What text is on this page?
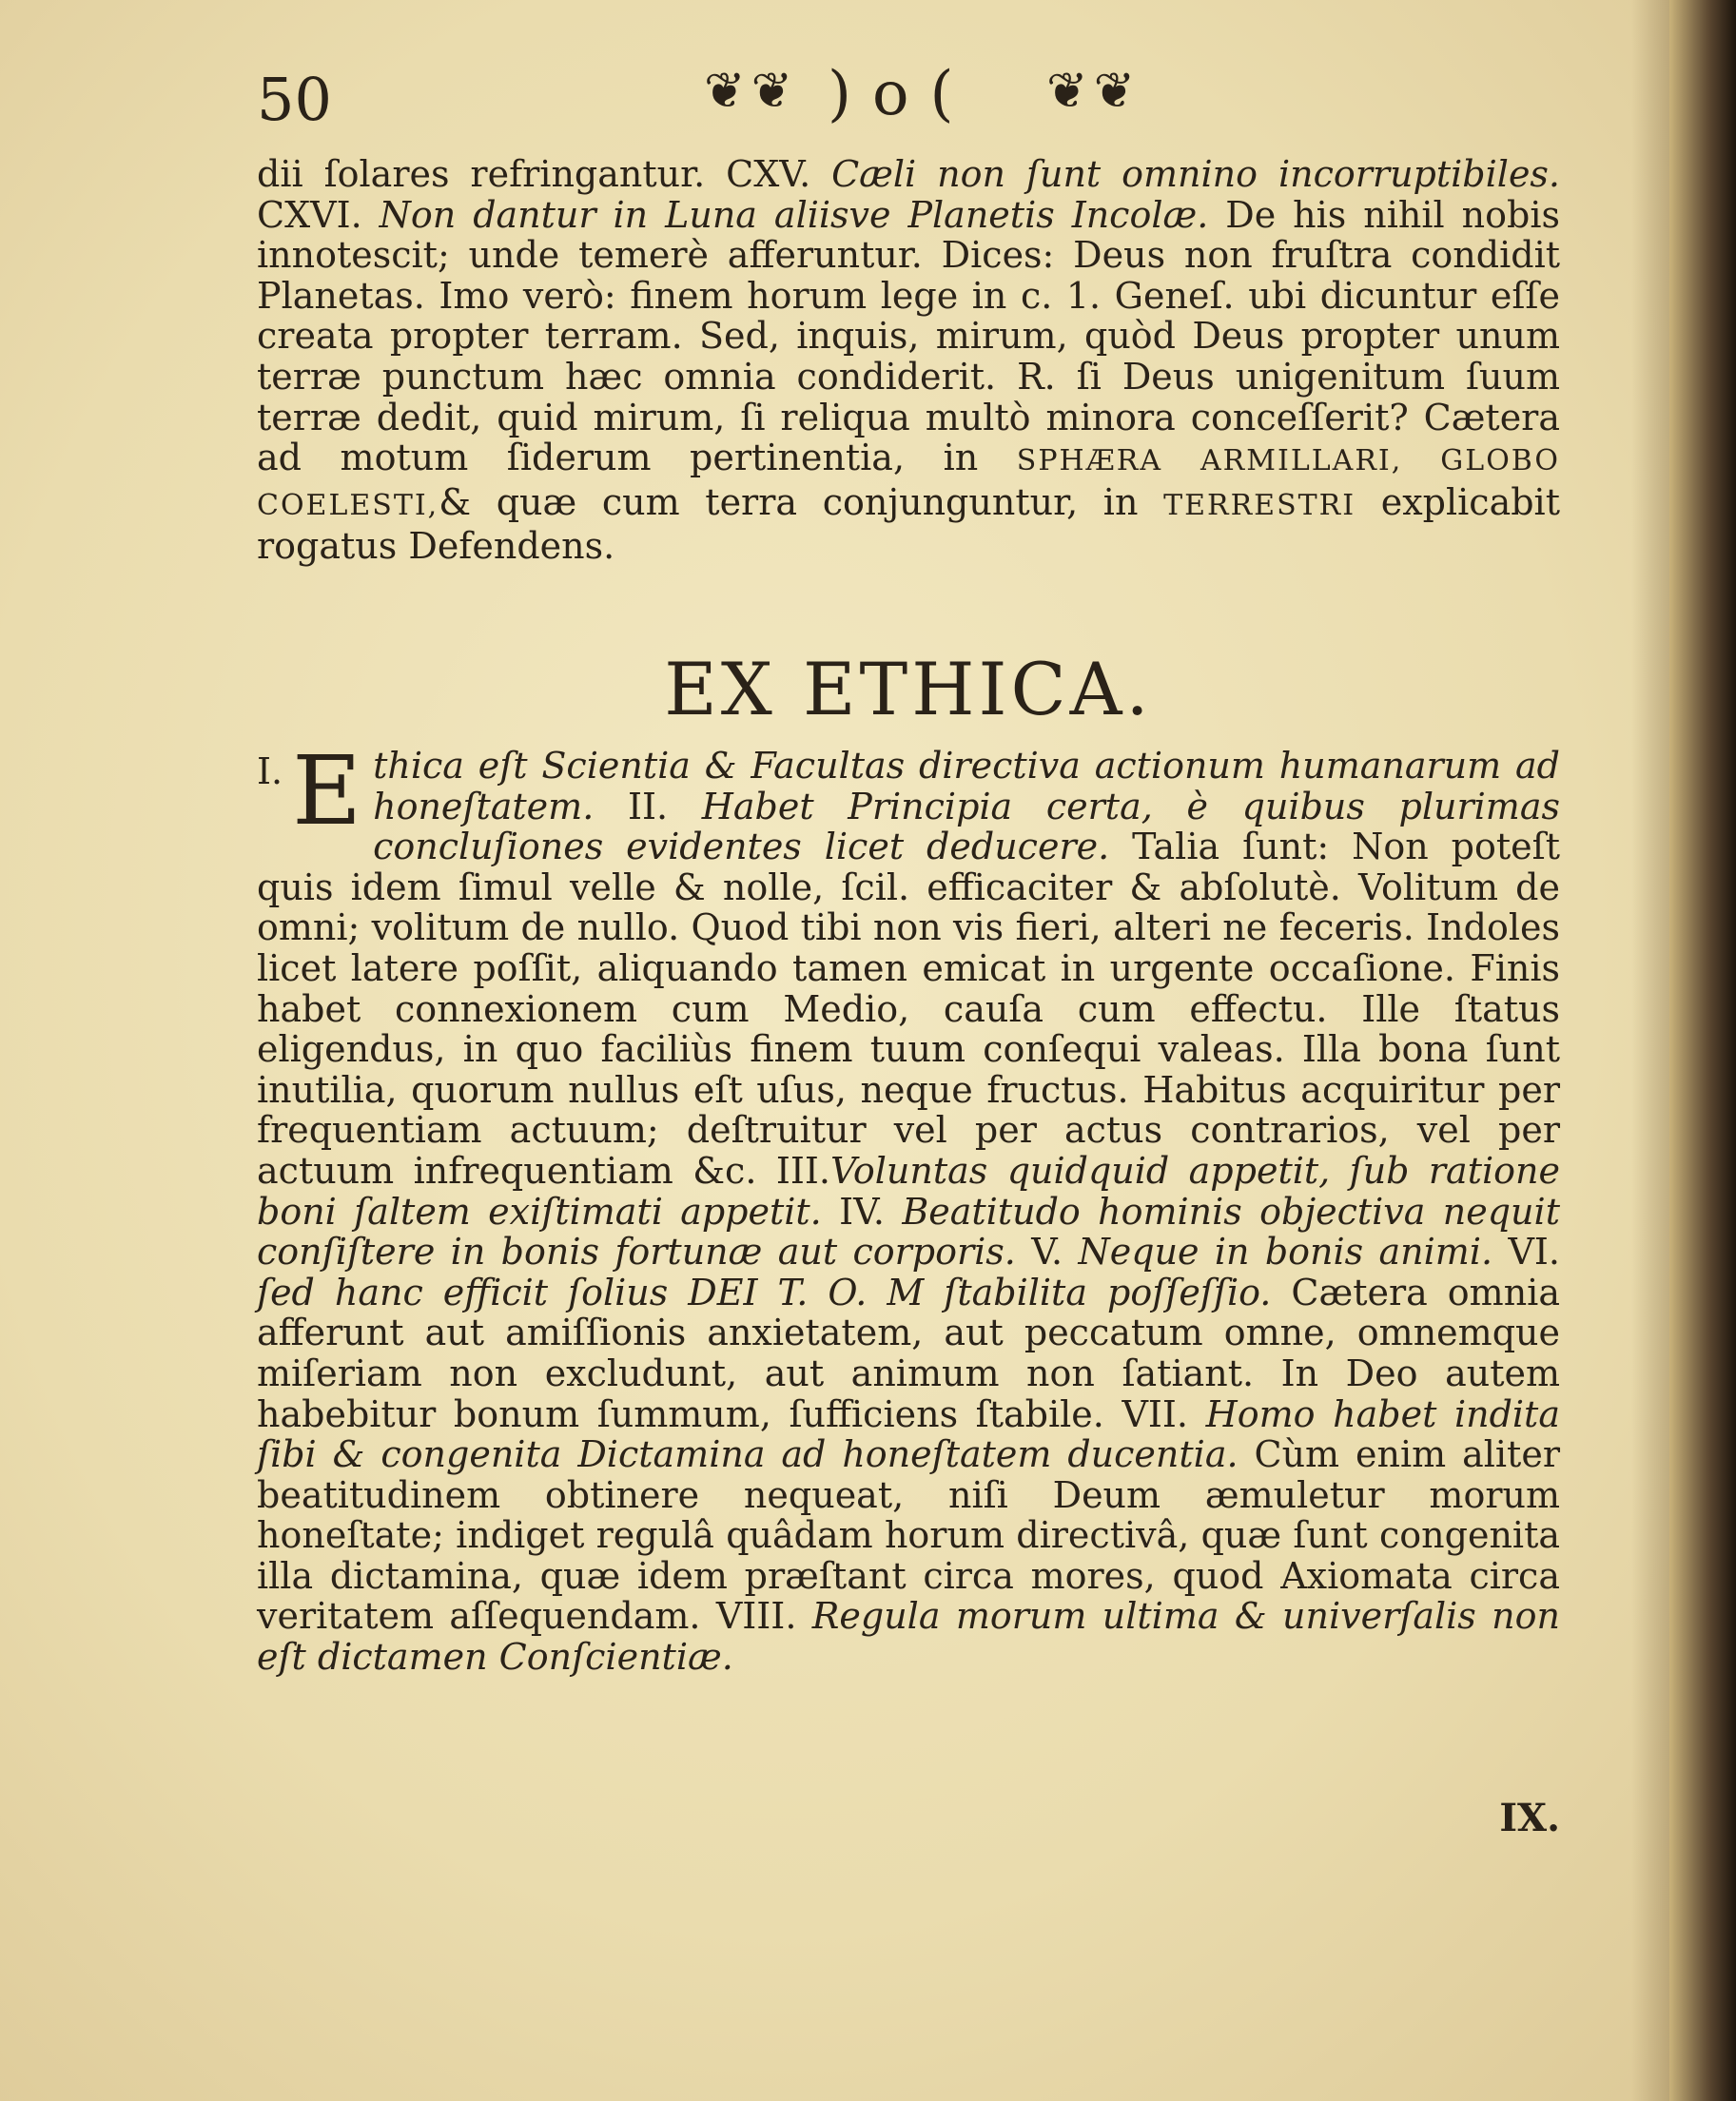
50	❦❦ )o( ❦❦
dii ſolares refringantur. CXV. Cæli non ſunt omnino incorruptibiles. CXVI. Non dantur in Luna aliisve Planetis Incolæ. De his nihil nobis innotescit; unde temerè afferuntur. Dices: Deus non fruſtra condidit Planetas. Imo verò: finem horum lege in c. 1. Geneſ. ubi dicuntur eſſe creata propter terram. Sed, inquis, mirum, quòd Deus propter unum terræ punctum hæc omnia condiderit. R. ſi Deus unigenitum ſuum terræ dedit, quid mirum, ſi reliqua multò minora conceſſerit? Cætera ad motum ſiderum pertinentia, in SPHÆRA ARMILLARI, GLOBO COELESTI,& quæ cum terra conjunguntur, in TERRESTRI explicabit rogatus Defendens.
EX ETHICA.
I. E thica eſt Scientia & Facultas directiva actionum humanarum ad honeſtatem. II. Habet Principia certa, è quibus plurimas concluſiones evidentes licet deducere. Talia ſunt: Non poteſt quis idem ſimul velle & nolle, ſcil. efficaciter & abſolutè. Volitum de omni; volitum de nullo. Quod tibi non vis fieri, alteri ne feceris. Indoles licet latere poſſit, aliquando tamen emicat in urgente occaſione. Finis habet connexionem cum Medio, cauſa cum effectu. Ille ſtatus eligendus, in quo faciliùs finem tuum conſequi valeas. Illa bona ſunt inutilia, quorum nullus eſt uſus, neque fructus. Habitus acquiritur per frequentiam actuum; deſtruitur vel per actus contrarios, vel per actuum infrequentiam &c. III.Voluntas quidquid appetit, ſub ratione boni ſaltem exiſtimati appetit. IV. Beatitudo hominis objectiva nequit conſiſtere in bonis fortunæ aut corporis. V. Neque in bonis animi. VI. ſed hanc efficit ſolius DEI T. O. M ſtabilita poſſeſſio. Cætera omnia afferunt aut amiſſionis anxietatem, aut peccatum omne, omnemque miſeriam non excludunt, aut animum non ſatiant. In Deo autem habebitur bonum ſummum, ſufficiens ſtabile. VII. Homo habet indita ſibi & congenita Dictamina ad honeſtatem ducentia. Cùm enim aliter beatitudinem obtinere nequeat, niſi Deum æmuletur morum honeſtate; indiget regulâ quâdam horum directivâ, quæ ſunt congenita illa dictamina, quæ idem præſtant circa mores, quod Axiomata circa veritatem aſſequendam. VIII. Regula morum ultima & univerſalis non eſt dictamen Conſcientiæ.
IX.
